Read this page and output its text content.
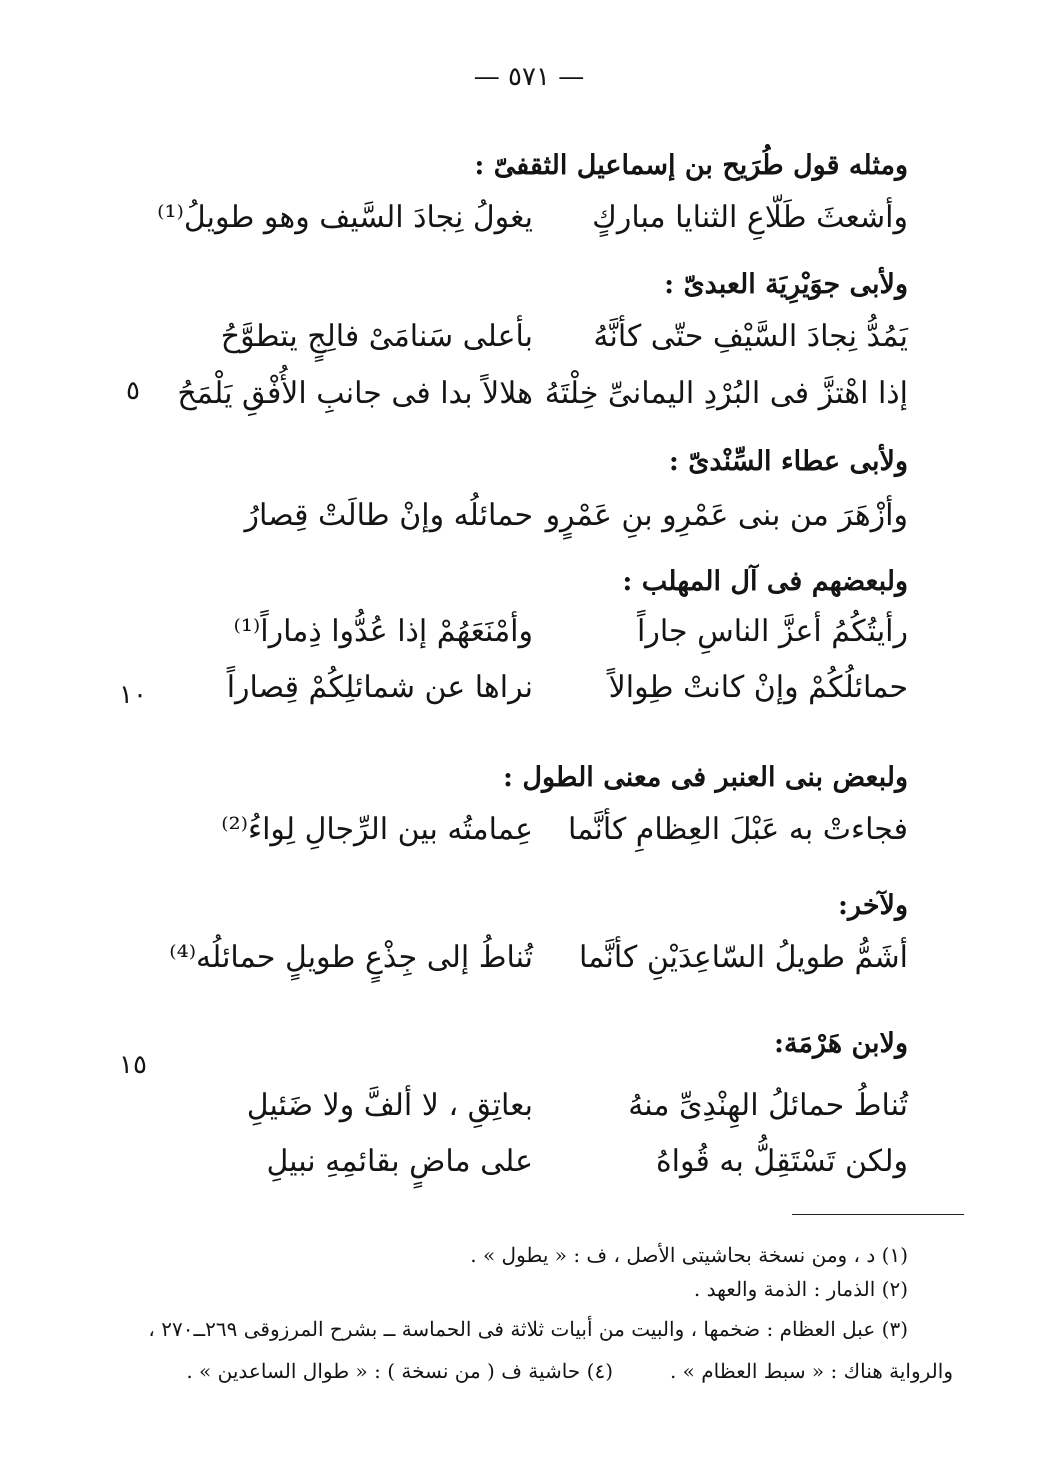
— ٥٧١ —
ومثله قول طُرَيح بن إسماعيل الثقفىّ :
وأشعثَ طَلّاعِ الثنايا مباركٍ
يغولُ نِجادَ السَّيف وهو طويلُ⁽¹⁾
ولأبى جوَيْرِيَة العبدىّ :
يَمُدُّ نِجادَ السَّيْفِ حتّى كأنَّهُ
بأعلى سَنامَىْ فالِجٍ يتطوَّحُ
إذا اهْتزَّ فى البُرْدِ اليمانىِّ خِلْتَهُ
هلالاً بدا فى جانبِ الأُفْقِ يَلْمَحُ
٥
ولأبى عطاء السِّنْدىّ :
وأزْهَرَ من بنى عَمْرِو بنِ عَمْرٍو
حمائلُه وإنْ طالَتْ قِصارُ
ولبعضهم فى آل المهلب :
رأيتُكُمُ أعزَّ الناسِ جاراً
وأمْنَعَهُمْ إذا عُدُّوا ذِماراً⁽¹⁾
حمائلُكُمْ وإنْ كانتْ طِوالاً
نراها عن شمائلِكُمْ قِصاراً
١٠
ولبعض بنى العنبر فى معنى الطول :
فجاءتْ به عَبْلَ العِظامِ كأنَّما
عِمامتُه بين الرِّجالِ لِواءُ⁽²⁾
ولآخر:
أشَمُّ طويلُ السّاعِدَيْنِ كأنَّما
تُناطُ إلى جِذْعٍ طويلٍ حمائلُه⁽⁴⁾
ولابن هَرْمَة:
١٥
تُناطُ حمائلُ الهِنْدِىِّ منهُ
بعاتِقِ ، لا ألفَّ ولا ضَئيلِ
ولكن تَسْتَقِلُّ به قُواهُ
على ماضٍ بقائمِهِ نبيلِ
(١) د ، ومن نسخة بحاشيتى الأصل ، ف : « يطول » .
(٢) الذمار : الذمة والعهد .
(٣) عبل العظام : ضخمها ، والبيت من أبيات ثلاثة فى الحماسة ــ بشرح المرزوقى ٢٦٩ــ٢٧٠ ،
والرواية هناك : « سبط العظام » .
(٤) حاشية ف ( من نسخة ) : « طوال الساعدين » .
